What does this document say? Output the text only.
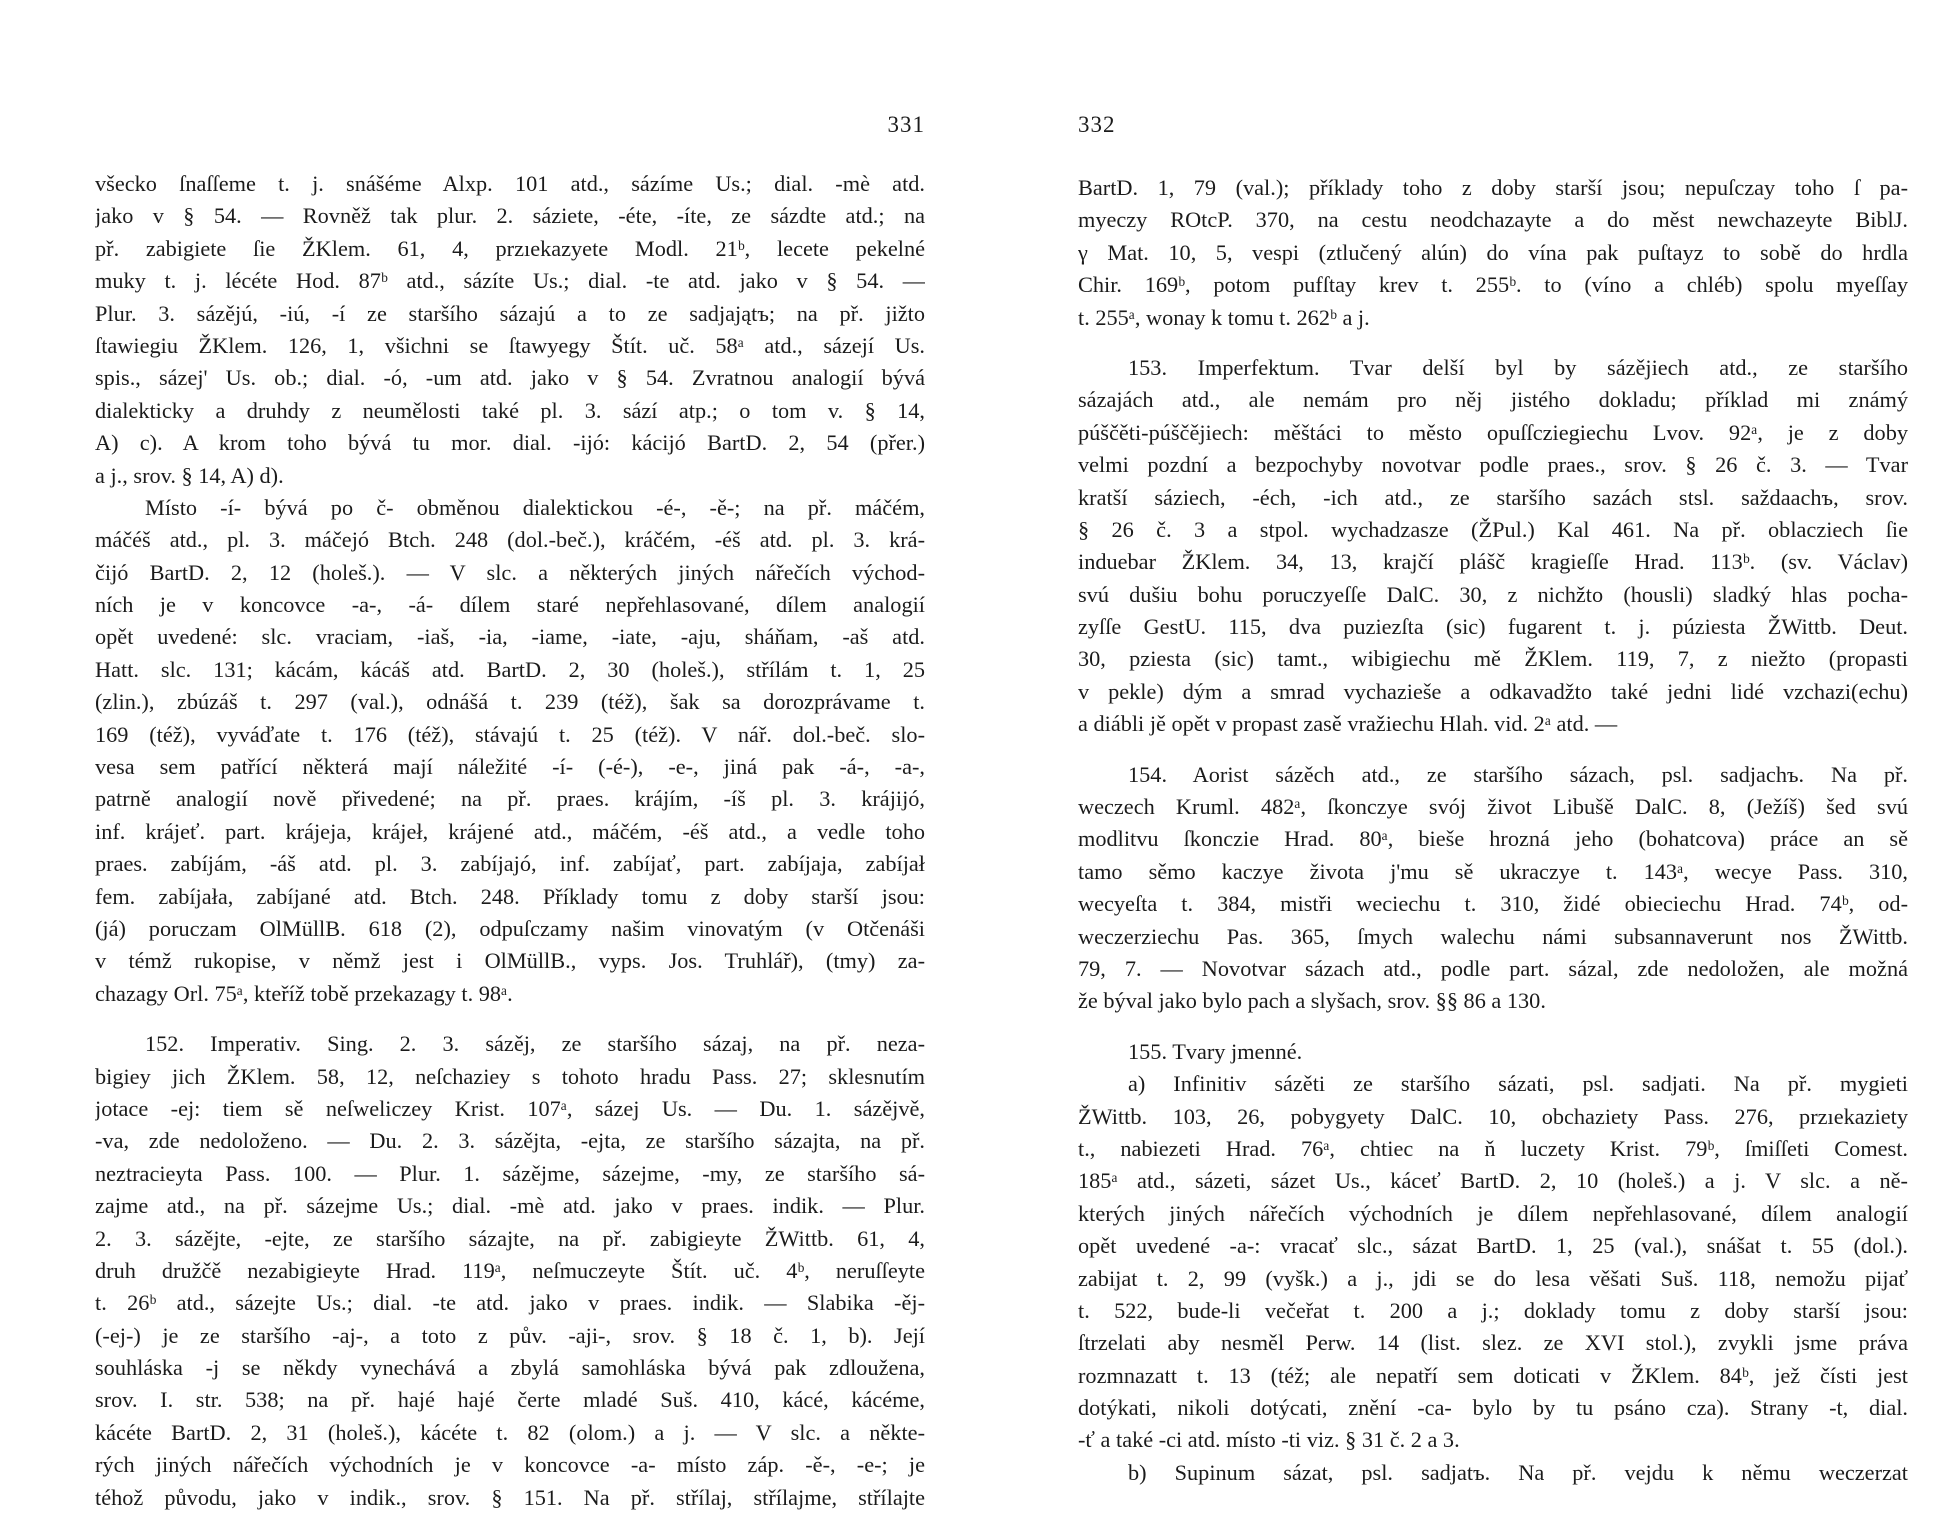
331
všecko ſnaſſeme t. j. snášéme Alxp. 101 atd., sázíme Us.; dial. -mè atd.
jako v § 54. — Rovněž tak plur. 2. sáziete, -éte, -íte, ze sázdte atd.; na
př. zabigiete ſie ŽKlem. 61, 4, przıekazyete Modl. 21ᵇ, lecete pekelné
muky t. j. lécéte Hod. 87ᵇ atd., sázíte Us.; dial. -te atd. jako v § 54. —
Plur. 3. sázějú, -iú, -í ze staršího sázajú a to ze sadjajątъ; na př. jižto
ſtawiegiu ŽKlem. 126, 1, všichni se ſtawyegy Štít. uč. 58ᵃ atd., sázejí Us.
spis., sázej' Us. ob.; dial. -ó, -um atd. jako v § 54. Zvratnou analogií bývá
dialekticky a druhdy z neumělosti také pl. 3. sází atp.; o tom v. § 14,
A) c). A krom toho bývá tu mor. dial. -ijó: kácijó BartD. 2, 54 (přer.)
a j., srov. § 14, A) d).
Místo -í- bývá po č- obměnou dialektickou -é-, -ě-; na př. máčém,
máčéš atd., pl. 3. máčejó Btch. 248 (dol.-beč.), kráčém, -éš atd. pl. 3. krá-
čijó BartD. 2, 12 (holeš.). — V slc. a některých jiných nářečích východ-
ních je v koncovce -a-, -á- dílem staré nepřehlasované, dílem analogií
opět uvedené: slc. vraciam, -iaš, -ia, -iame, -iate, -aju, sháňam, -aš atd.
Hatt. slc. 131; kácám, kácáš atd. BartD. 2, 30 (holeš.), střílám t. 1, 25
(zlin.), zbúzáš t. 297 (val.), odnášá t. 239 (též), šak sa dorozprávame t.
169 (též), vyváďate t. 176 (též), stávajú t. 25 (též). V nář. dol.-beč. slo-
vesa sem patřící některá mají náležité -í- (-é-), -e-, jiná pak -á-, -a-,
patrně analogií nově přivedené; na př. praes. krájím, -íš pl. 3. krájijó,
inf. krájeť. part. krájeja, krájeł, krájené atd., máčém, -éš atd., a vedle toho
praes. zabíjám, -áš atd. pl. 3. zabíjajó, inf. zabíjať, part. zabíjaja, zabíjał
fem. zabíjała, zabíjané atd. Btch. 248. Příklady tomu z doby starší jsou:
(já) poruczam OlMüllB. 618 (2), odpuſczamy našim vinovatým (v Otčenáši
v témž rukopise, v němž jest i OlMüllB., vyps. Jos. Truhlář), (tmy) za-
chazagy Orl. 75ᵃ, kteříž tobě przekazagy t. 98ᵃ.
152. Imperativ. Sing. 2. 3. sázěj, ze staršího sázaj, na př. neza-
bigiey jich ŽKlem. 58, 12, neſchaziey s tohoto hradu Pass. 27; sklesnutím
jotace -ej: tiem sě neſweliczey Krist. 107ᵃ, sázej Us. — Du. 1. sázějvě,
-va, zde nedoloženo. — Du. 2. 3. sázějta, -ejta, ze staršího sázajta, na př.
neztracieyta Pass. 100. — Plur. 1. sázějme, sázejme, -my, ze staršího sá-
zajme atd., na př. sázejme Us.; dial. -mè atd. jako v praes. indik. — Plur.
2. 3. sázějte, -ejte, ze staršího sázajte, na př. zabigieyte ŽWittb. 61, 4,
druh družčě nezabigieyte Hrad. 119ᵃ, neſmuczeyte Štít. uč. 4ᵇ, neruſſeyte
t. 26ᵇ atd., sázejte Us.; dial. -te atd. jako v praes. indik. — Slabika -ěj-
(-ej-) je ze staršího -aj-, a toto z pův. -aji-, srov. § 18 č. 1, b). Její
souhláska -j se někdy vynechává a zbylá samohláska bývá pak zdloužena,
srov. I. str. 538; na př. hajé hajé čerte mladé Suš. 410, kácé, kácéme,
kácéte BartD. 2, 31 (holeš.), kácéte t. 82 (olom.) a j. — V slc. a někte-
rých jiných nářečích východních je v koncovce -a- místo záp. -ě-, -e-; je
téhož původu, jako v indik., srov. § 151. Na př. střílaj, střílajme, střílajte
332
BartD. 1, 79 (val.); příklady toho z doby starší jsou; nepuſczay toho ſ pa-
myeczy ROtcP. 370, na cestu neodchazayte a do měst newchazeyte BiblJ.
γ Mat. 10, 5, vespi (ztlučený alún) do vína pak puſtayz to sobě do hrdla
Chir. 169ᵇ, potom pufſtay krev t. 255ᵇ. to (víno a chléb) spolu myeſſay
t. 255ᵃ, wonay k tomu t. 262ᵇ a j.
153. Imperfektum. Tvar delší byl by sázějiech atd., ze staršího
sázajách atd., ale nemám pro něj jistého dokladu; příklad mi známý
púščěti-púščějiech: měštáci to město opuſſcziegiechu Lvov. 92ᵃ, je z doby
velmi pozdní a bezpochyby novotvar podle praes., srov. § 26 č. 3. — Tvar
kratší sáziech, -éch, -ich atd., ze staršího sazách stsl. saždaachъ, srov.
§ 26 č. 3 a stpol. wychadzasze (ŽPul.) Kal 461. Na př. oblacziech ſie
induebar ŽKlem. 34, 13, krajčí plášč kragieſſe Hrad. 113ᵇ. (sv. Václav)
svú dušiu bohu poruczyeſſe DalC. 30, z nichžto (housli) sladký hlas pocha-
zyſſe GestU. 115, dva puziezſta (sic) fugarent t. j. púziesta ŽWittb. Deut.
30, pziesta (sic) tamt., wibigiechu mě ŽKlem. 119, 7, z niežto (propasti
v pekle) dým a smrad vychazieše a odkavadžto také jedni lidé vzchazi(echu)
a diábli jě opět v propast zasě vražiechu Hlah. vid. 2ᵃ atd. —
154. Aorist sázěch atd., ze staršího sázach, psl. sadjachъ. Na př.
weczech Kruml. 482ᵃ, ſkonczye svój život Libušě DalC. 8, (Ježíš) šed svú
modlitvu ſkonczie Hrad. 80ᵃ, bieše hrozná jeho (bohatcova) práce an sě
tamo sěmo kaczye života j'mu sě ukraczye t. 143ᵃ, wecye Pass. 310,
wecyeſta t. 384, mistři weciechu t. 310, židé obieciechu Hrad. 74ᵇ, od-
weczerziechu Pas. 365, ſmych walechu námi subsannaverunt nos ŽWittb.
79, 7. — Novotvar sázach atd., podle part. sázal, zde nedoložen, ale možná
že býval jako bylo pach a slyšach, srov. §§ 86 a 130.
155. Tvary jmenné.
a) Infinitiv sázěti ze staršího sázati, psl. sadjati. Na př. mygieti
ŽWittb. 103, 26, pobygyety DalC. 10, obchaziety Pass. 276, przıekaziety
t., nabiezeti Hrad. 76ᵃ, chtiec na ň luczety Krist. 79ᵇ, ſmiſſeti Comest.
185ᵃ atd., sázeti, sázet Us., káceť BartD. 2, 10 (holeš.) a j. V slc. a ně-
kterých jiných nářečích východních je dílem nepřehlasované, dílem analogií
opět uvedené -a-: vracať slc., sázat BartD. 1, 25 (val.), snášat t. 55 (dol.).
zabijat t. 2, 99 (vyšk.) a j., jdi se do lesa věšati Suš. 118, nemožu pijať
t. 522, bude-li večeřat t. 200 a j.; doklady tomu z doby starší jsou:
ſtrzelati aby nesměl Perw. 14 (list. slez. ze XVI stol.), zvykli jsme práva
rozmnazatt t. 13 (též; ale nepatří sem doticati v ŽKlem. 84ᵇ, jež čísti jest
dotýkati, nikoli dotýcati, znění -ca- bylo by tu psáno cza). Strany -t, dial.
-ť a také -ci atd. místo -ti viz. § 31 č. 2 a 3.
b) Supinum sázat, psl. sadjatъ. Na př. vejdu k němu weczerzat
